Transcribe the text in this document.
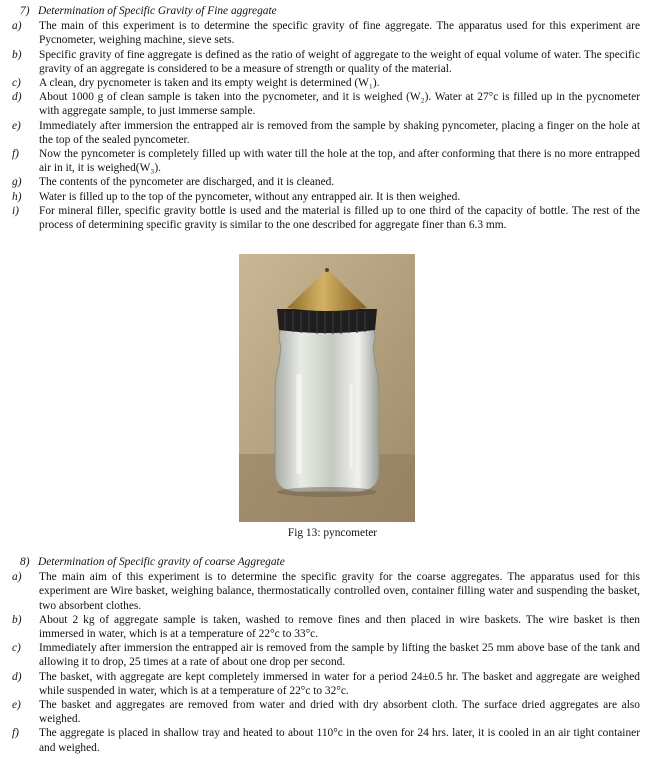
7) Determination of Specific Gravity of Fine aggregate
a)	The main of this experiment is to determine the specific gravity of fine aggregate. The apparatus used for this experiment are Pycnometer, weighing machine, sieve sets.
b)	Specific gravity of fine aggregate is defined as the ratio of weight of aggregate to the weight of equal volume of water. The specific gravity of an aggregate is considered to be a measure of strength or quality of the material.
c)	A clean, dry pycnometer is taken and its empty weight is determined (W₁).
d)	About 1000 g of clean sample is taken into the pycnometer, and it is weighed (W₂). Water at 27°c is filled up in the pycnometer with aggregate sample, to just immerse sample.
e)	Immediately after immersion the entrapped air is removed from the sample by shaking pyncometer, placing a finger on the hole at the top of the sealed pyncometer.
f)	Now the pyncometer is completely filled up with water till the hole at the top, and after conforming that there is no more entrapped air in it, it is weighed(W₃).
g)	The contents of the pyncometer are discharged, and it is cleaned.
h)	Water is filled up to the top of the pyncometer, without any entrapped air. It is then weighed.
i)	For mineral filler, specific gravity bottle is used and the material is filled up to one third of the capacity of bottle. The rest of the process of determining specific gravity is similar to the one described for aggregate finer than 6.3 mm.
Fig 13: pyncometer
8) Determination of Specific gravity of coarse Aggregate
a)	The main aim of this experiment is to determine the specific gravity for the coarse aggregates. The apparatus used for this experiment are Wire basket, weighing balance, thermostatically controlled oven, container filling water and suspending the basket, two absorbent clothes.
b)	About 2 kg of aggregate sample is taken, washed to remove fines and then placed in wire baskets. The wire basket is then immersed in water, which is at a temperature of 22°c to 33°c.
c)	Immediately after immersion the entrapped air is removed from the sample by lifting the basket 25 mm above base of the tank and allowing it to drop, 25 times at a rate of about one drop per second.
d)	The basket, with aggregate are kept completely immersed in water for a period 24±0.5 hr. The basket and aggregate are weighed while suspended in water, which is at a temperature of 22°c to 32°c.
e)	The basket and aggregates are removed from water and dried with dry absorbent cloth. The surface dried aggregates are also weighed.
f)	The aggregate is placed in shallow tray and heated to about 110°c in the oven for 24 hrs. later, it is cooled in an air tight container and weighed.
